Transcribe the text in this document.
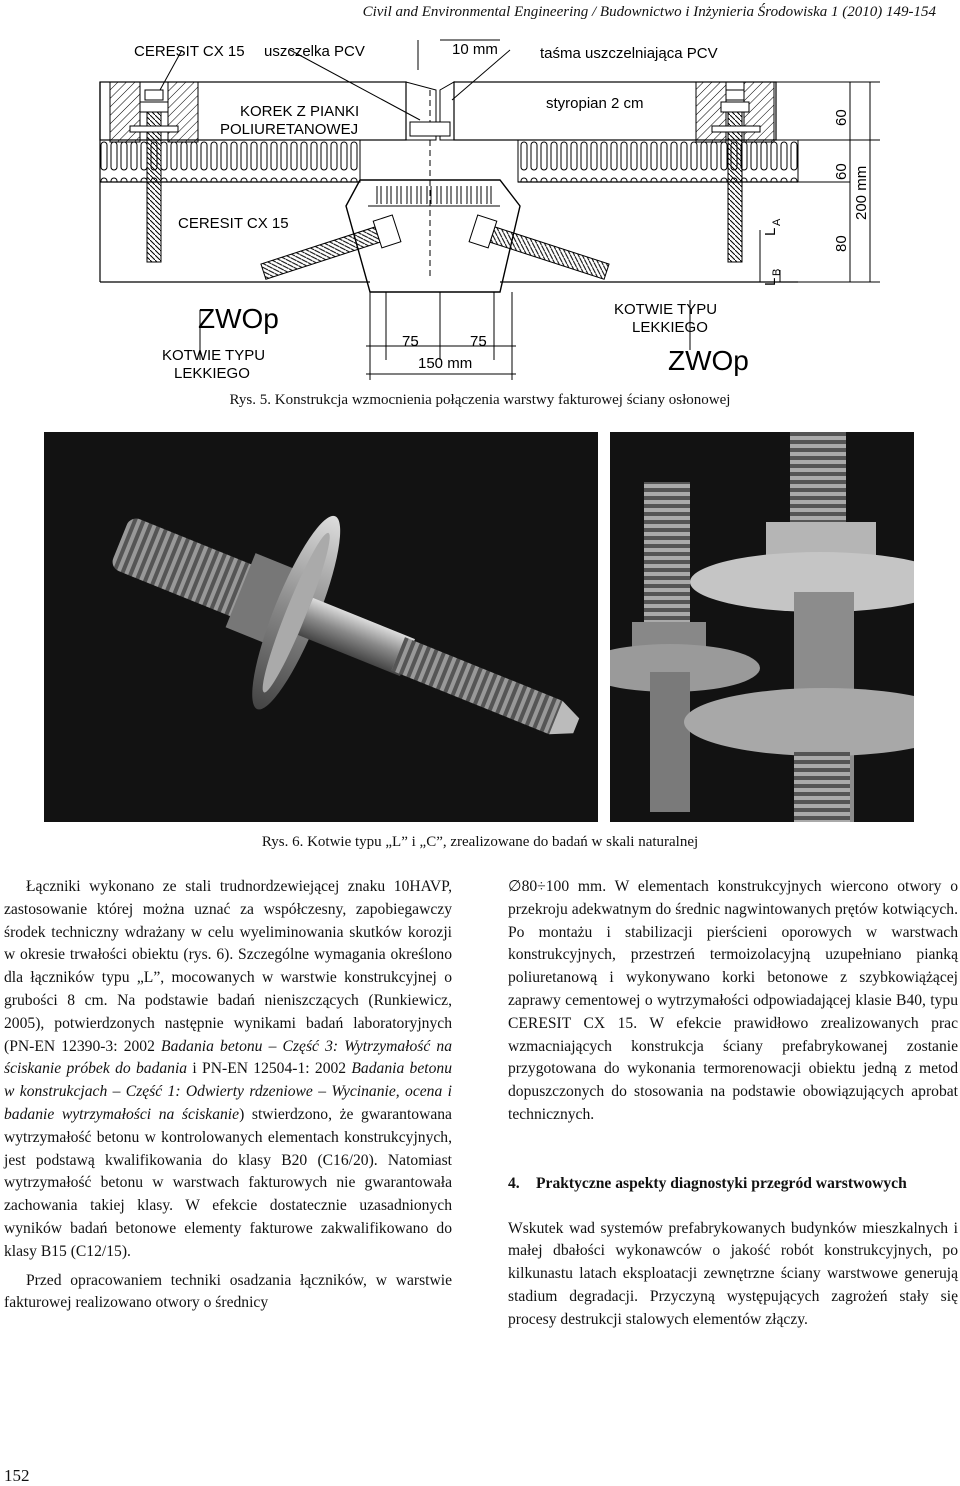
Civil and Environmental Engineering / Budownictwo i Inżynieria Środowiska 1 (2010) 149-154
CERESIT CX 15 uszczelka PCV	10 mm	taśma uszczelniająca PCV
KOREK Z PIANKI
POLIURETANOWEJ
styropian 2 cm
CERESIT CX 15
ZWOp
KOTWIE TYPU
LEKKIEGO
KOTWIE TYPU
LEKKIEGO
ZWOp
75	75
150 mm
L
A
L
B
60
60
80
200 mm
Rys. 5. Konstrukcja wzmocnienia połączenia warstwy fakturowej ściany osłonowej
Rys. 6. Kotwie typu „L” i „C”, zrealizowane do badań w skali naturalnej

Łączniki wykonano ze stali trudnordzewiejącej znaku 10HAVP, zastosowanie której można uznać za współczesny, zapobiegawczy środek techniczny wdrażany w celu wyeliminowania skutków korozji w okresie trwałości obiektu (rys. 6). Szczególne wymagania określono dla łączników typu „L”, mocowanych w warstwie konstrukcyjnej o grubości 8 cm. Na podstawie badań nieniszczących (Runkiewicz, 2005), potwierdzonych następnie wynikami badań laboratoryjnych (PN-EN 12390-3: 2002 Badania betonu – Część 3: Wytrzymałość na ściskanie próbek do badania i PN-EN 12504-1: 2002 Badania betonu w konstrukcjach – Część 1: Odwierty rdzeniowe – Wycinanie, ocena i badanie wytrzymałości na ściskanie) stwierdzono, że gwarantowana wytrzymałość betonu w kontrolowanych elementach konstrukcyjnych, jest podstawą kwalifikowania do klasy B20 (C16/20). Natomiast wytrzymałość betonu w warstwach fakturowych nie gwarantowała zachowania takiej klasy. W efekcie dostatecznie uzasadnionych wyników badań betonowe elementy fakturowe zakwalifikowano do klasy B15 (C12/15).

Przed opracowaniem techniki osadzania łączników, w warstwie fakturowej realizowano otwory o średnicy

∅80÷100 mm. W elementach konstrukcyjnych wiercono otwory o przekroju adekwatnym do średnic nagwintowanych prętów kotwiących. Po montażu i stabilizacji pierścieni oporowych w warstwach konstrukcyjnych, przestrzeń termoizolacyjną uzupełniano pianką poliuretanową i wykonywano korki betonowe z szybkowiążącej zaprawy cementowej o wytrzymałości odpowiadającej klasie B40, typu CERESIT CX 15. W efekcie prawidłowo zrealizowanych prac wzmacniających konstrukcja ściany prefabrykowanej zostanie przygotowana do wykonania termorenowacji obiektu jedną z metod dopuszczonych do stosowania na podstawie obowiązujących aprobat technicznych.

4.	Praktyczne aspekty diagnostyki przegród warstwowych

Wskutek wad systemów prefabrykowanych budynków mieszkalnych i małej dbałości wykonawców o jakość robót konstrukcyjnych, po kilkunastu latach eksploatacji zewnętrzne ściany warstwowe generują stadium degradacji. Przyczyną występujących zagrożeń stały się procesy destrukcji stalowych elementów złączy.

152
